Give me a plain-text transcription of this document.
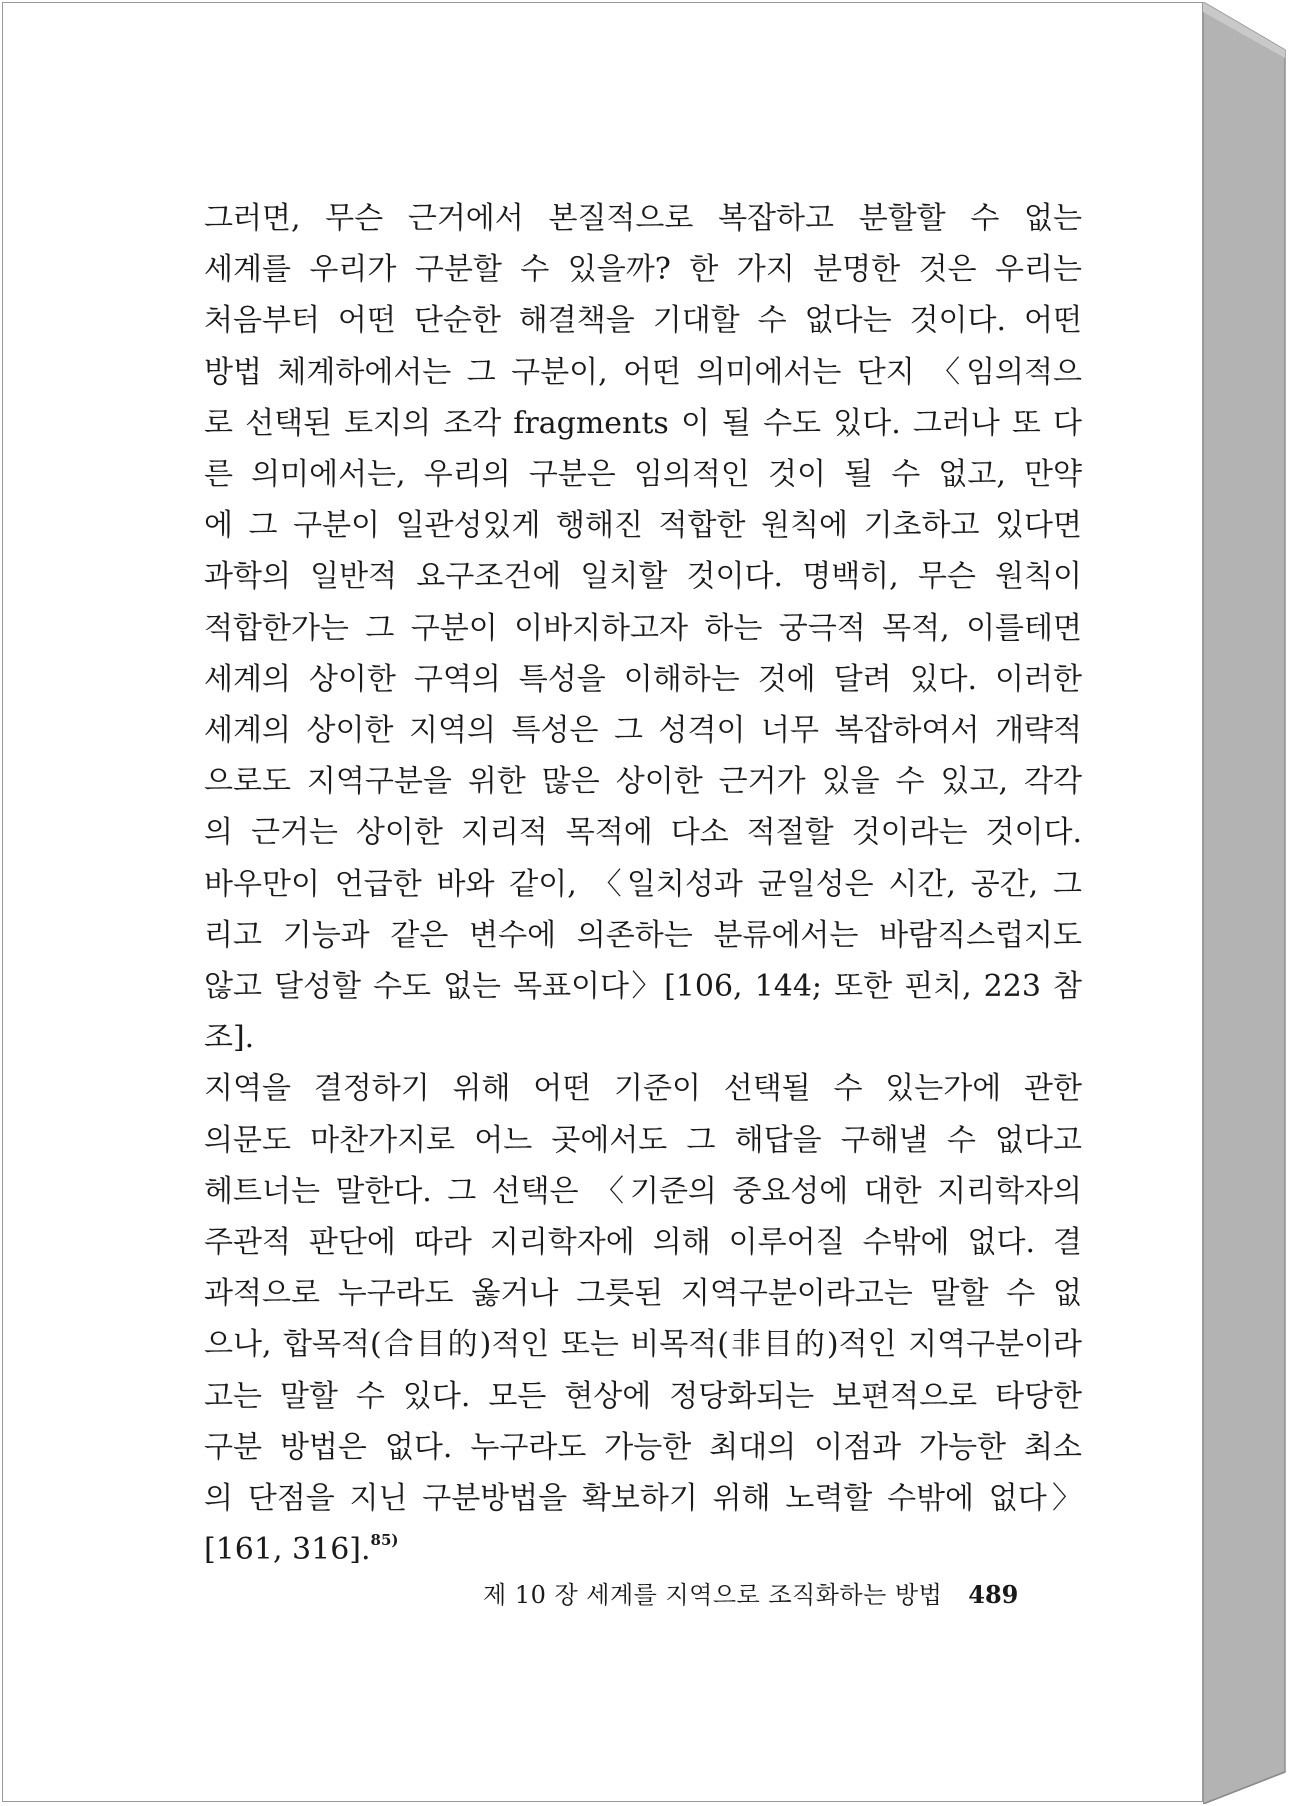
그러면, 무슨 근거에서 본질적으로 복잡하고 분할할 수 없는
세계를 우리가 구분할 수 있을까? 한 가지 분명한 것은 우리는
처음부터 어떤 단순한 해결책을 기대할 수 없다는 것이다. 어떤
방법 체계하에서는 그 구분이, 어떤 의미에서는 단지 〈임의적으
로 선택된 토지의 조각 fragments 이 될 수도 있다. 그러나 또 다
른 의미에서는, 우리의 구분은 임의적인 것이 될 수 없고, 만약
에 그 구분이 일관성있게 행해진 적합한 원칙에 기초하고 있다면
과학의 일반적 요구조건에 일치할 것이다. 명백히, 무슨 원칙이
적합한가는 그 구분이 이바지하고자 하는 궁극적 목적, 이를테면
세계의 상이한 구역의 특성을 이해하는 것에 달려 있다. 이러한
세계의 상이한 지역의 특성은 그 성격이 너무 복잡하여서 개략적
으로도 지역구분을 위한 많은 상이한 근거가 있을 수 있고, 각각
의 근거는 상이한 지리적 목적에 다소 적절할 것이라는 것이다.
바우만이 언급한 바와 같이, 〈일치성과 균일성은 시간, 공간, 그
리고 기능과 같은 변수에 의존하는 분류에서는 바람직스럽지도
않고 달성할 수도 없는 목표이다〉[106, 144; 또한 핀치, 223 참
조].

지역을 결정하기 위해 어떤 기준이 선택될 수 있는가에 관한
의문도 마찬가지로 어느 곳에서도 그 해답을 구해낼 수 없다고
헤트너는 말한다. 그 선택은 〈기준의 중요성에 대한 지리학자의
주관적 판단에 따라 지리학자에 의해 이루어질 수밖에 없다. 결
과적으로 누구라도 옳거나 그릇된 지역구분이라고는 말할 수 없
으나, 합목적(合目的)적인 또는 비목적(非目的)적인 지역구분이라
고는 말할 수 있다. 모든 현상에 정당화되는 보편적으로 타당한
구분 방법은 없다. 누구라도 가능한 최대의 이점과 가능한 최소
의 단점을 지닌 구분방법을 확보하기 위해 노력할 수밖에 없다〉
[161, 316].$^{85)}$

제 10 장 세계를 지역으로 조직화하는 방법 489
